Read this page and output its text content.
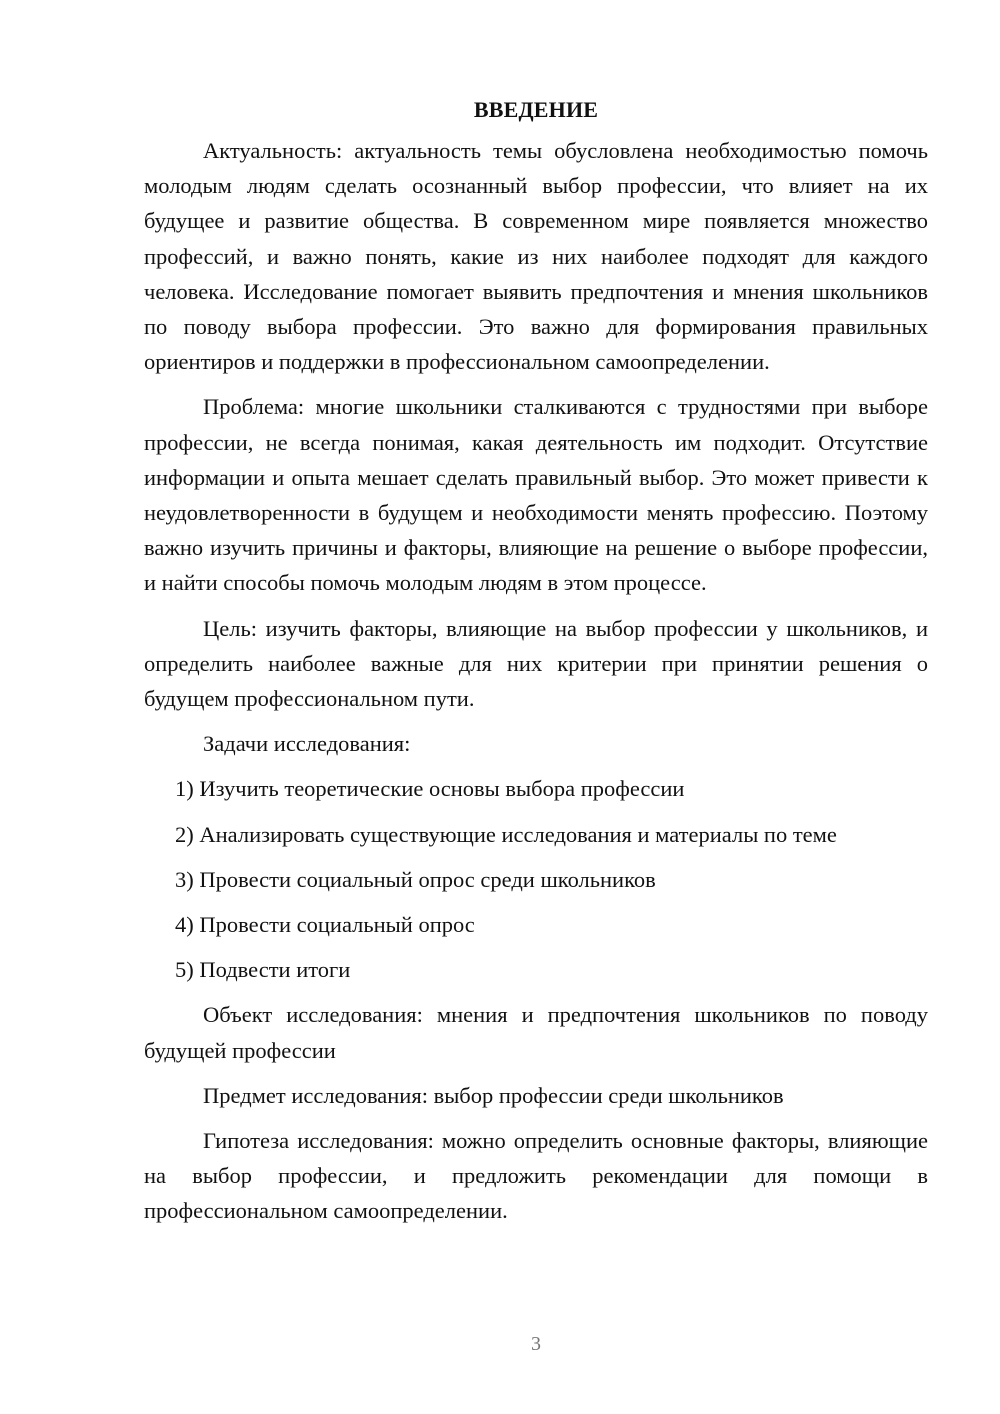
ВВЕДЕНИЕ

Актуальность: актуальность темы обусловлена необходимостью помочь молодым людям сделать осознанный выбор профессии, что влияет на их будущее и развитие общества. В современном мире появляется множество профессий, и важно понять, какие из них наиболее подходят для каждого человека. Исследование помогает выявить предпочтения и мнения школьников по поводу выбора профессии. Это важно для формирования правильных ориентиров и поддержки в профессиональном самоопределении.

Проблема: многие школьники сталкиваются с трудностями при выборе профессии, не всегда понимая, какая деятельность им подходит. Отсутствие информации и опыта мешает сделать правильный выбор. Это может привести к неудовлетворенности в будущем и необходимости менять профессию. Поэтому важно изучить причины и факторы, влияющие на решение о выборе профессии, и найти способы помочь молодым людям в этом процессе.

Цель: изучить факторы, влияющие на выбор профессии у школьников, и определить наиболее важные для них критерии при принятии решения о будущем профессиональном пути.

Задачи исследования:

1) Изучить теоретические основы выбора профессии
2) Анализировать существующие исследования и материалы по теме
3) Провести социальный опрос среди школьников
4) Провести социальный опрос
5) Подвести итоги

Объект исследования: мнения и предпочтения школьников по поводу будущей профессии

Предмет исследования: выбор профессии среди школьников

Гипотеза исследования: можно определить основные факторы, влияющие на выбор профессии, и предложить рекомендации для помощи в профессиональном самоопределении.

3
